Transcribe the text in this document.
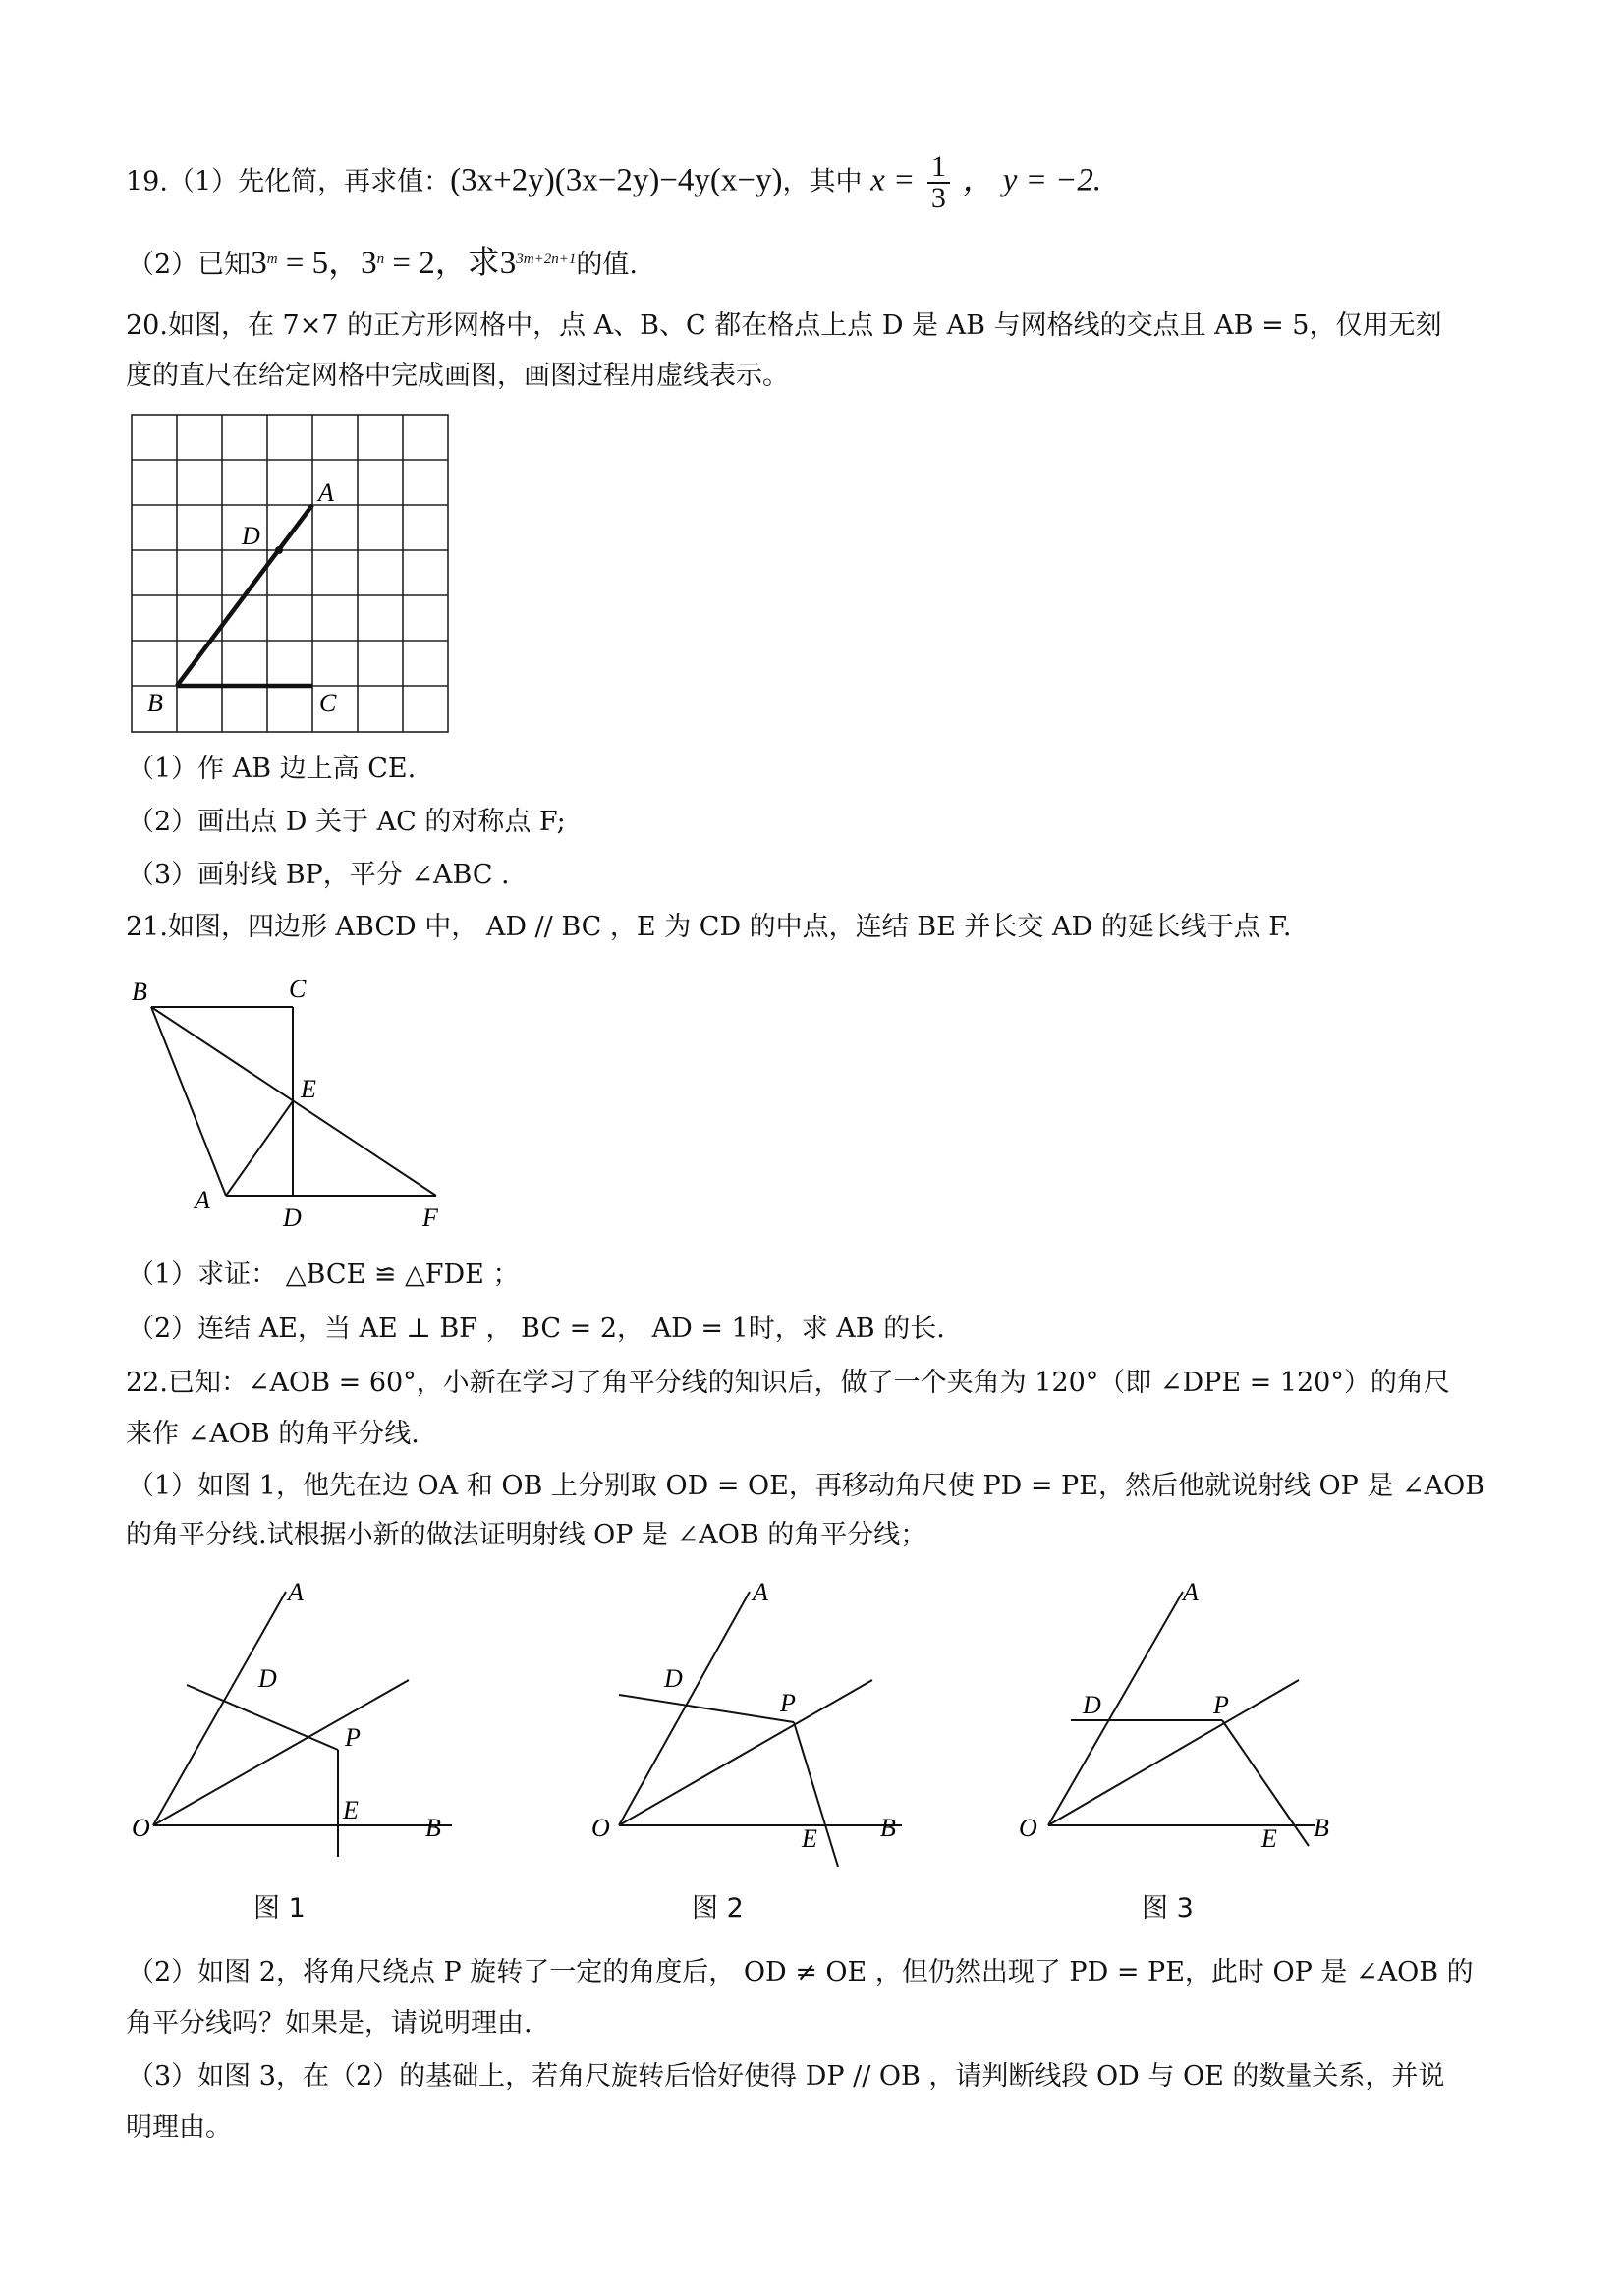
19.（1）先化简，再求值：(3x+2y)(3x−2y)−4y(x−y)，其中 $x = \frac{1}{3}$ ， y = −2.
（2）已知$3^m = 5$，$3^n = 2$，求$3^{3m+2n+1}$的值.
20.如图，在 7×7 的正方形网格中，点 A、B、C 都在格点上点 D 是 AB 与网格线的交点且 AB = 5，仅用无刻
度的直尺在给定网格中完成画图，画图过程用虚线表示。
A
D
B	C
（1）作 AB 边上高 CE.
（2）画出点 D 关于 AC 的对称点 F;
（3）画射线 BP，平分 ∠ABC .
21.如图，四边形 ABCD 中， AD // BC ，E 为 CD 的中点，连结 BE 并长交 AD 的延长线于点 F.
B	C
E
A
D	F
（1）求证： △BCE ≌ △FDE ；
（2）连结 AE，当 AE ⊥ BF ， BC = 2， AD = 1时，求 AB 的长.
22.已知：∠AOB = 60°，小新在学习了角平分线的知识后，做了一个夹角为 120°（即 ∠DPE = 120°）的角尺
来作 ∠AOB 的角平分线.
（1）如图 1，他先在边 OA 和 OB 上分别取 OD = OE，再移动角尺使 PD = PE，然后他就说射线 OP 是 ∠AOB
的角平分线.试根据小新的做法证明射线 OP 是 ∠AOB 的角平分线；
A
D
P
E
O	B
图 1
A
D
P
E
O	B
图 2
A
D	P
E
O	B
图 3
（2）如图 2，将角尺绕点 P 旋转了一定的角度后， OD ≠ OE ，但仍然出现了 PD = PE，此时 OP 是 ∠AOB 的
角平分线吗？如果是，请说明理由.
（3）如图 3，在（2）的基础上，若角尺旋转后恰好使得 DP // OB ，请判断线段 OD 与 OE 的数量关系，并说
明理由。
